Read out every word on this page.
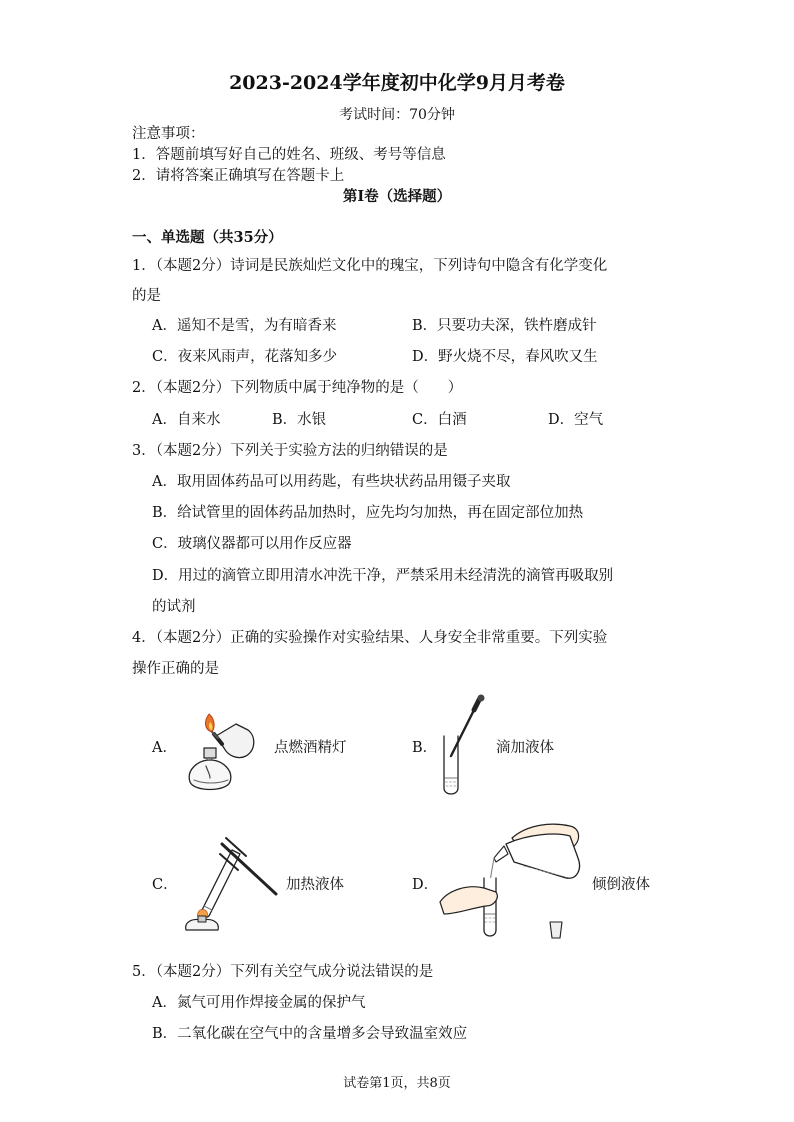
2023-2024学年度初中化学9月月考卷
考试时间：70分钟
注意事项：
1．答题前填写好自己的姓名、班级、考号等信息
2．请将答案正确填写在答题卡上
第I卷（选择题）
一、单选题（共35分）
1．（本题2分）诗词是民族灿烂文化中的瑰宝，下列诗句中隐含有化学变化
的是
A．遥知不是雪，为有暗香来	B．只要功夫深，铁杵磨成针
C．夜来风雨声，花落知多少	D．野火烧不尽，春风吹又生
2．（本题2分）下列物质中属于纯净物的是（　　）
A．自来水	B．水银	C．白酒	D．空气
3．（本题2分）下列关于实验方法的归纳错误的是
A．取用固体药品可以用药匙，有些块状药品用镊子夹取
B．给试管里的固体药品加热时，应先均匀加热，再在固定部位加热
C．玻璃仪器都可以用作反应器
D．用过的滴管立即用清水冲洗干净，严禁采用未经清洗的滴管再吸取别
的试剂
4．（本题2分）正确的实验操作对实验结果、人身安全非常重要。下列实验
操作正确的是
A．	点燃酒精灯	B．	滴加液体
C．	加热液体	D．	倾倒液体
5．（本题2分）下列有关空气成分说法错误的是
A．氮气可用作焊接金属的保护气
B．二氧化碳在空气中的含量增多会导致温室效应
试卷第1页，共8页
